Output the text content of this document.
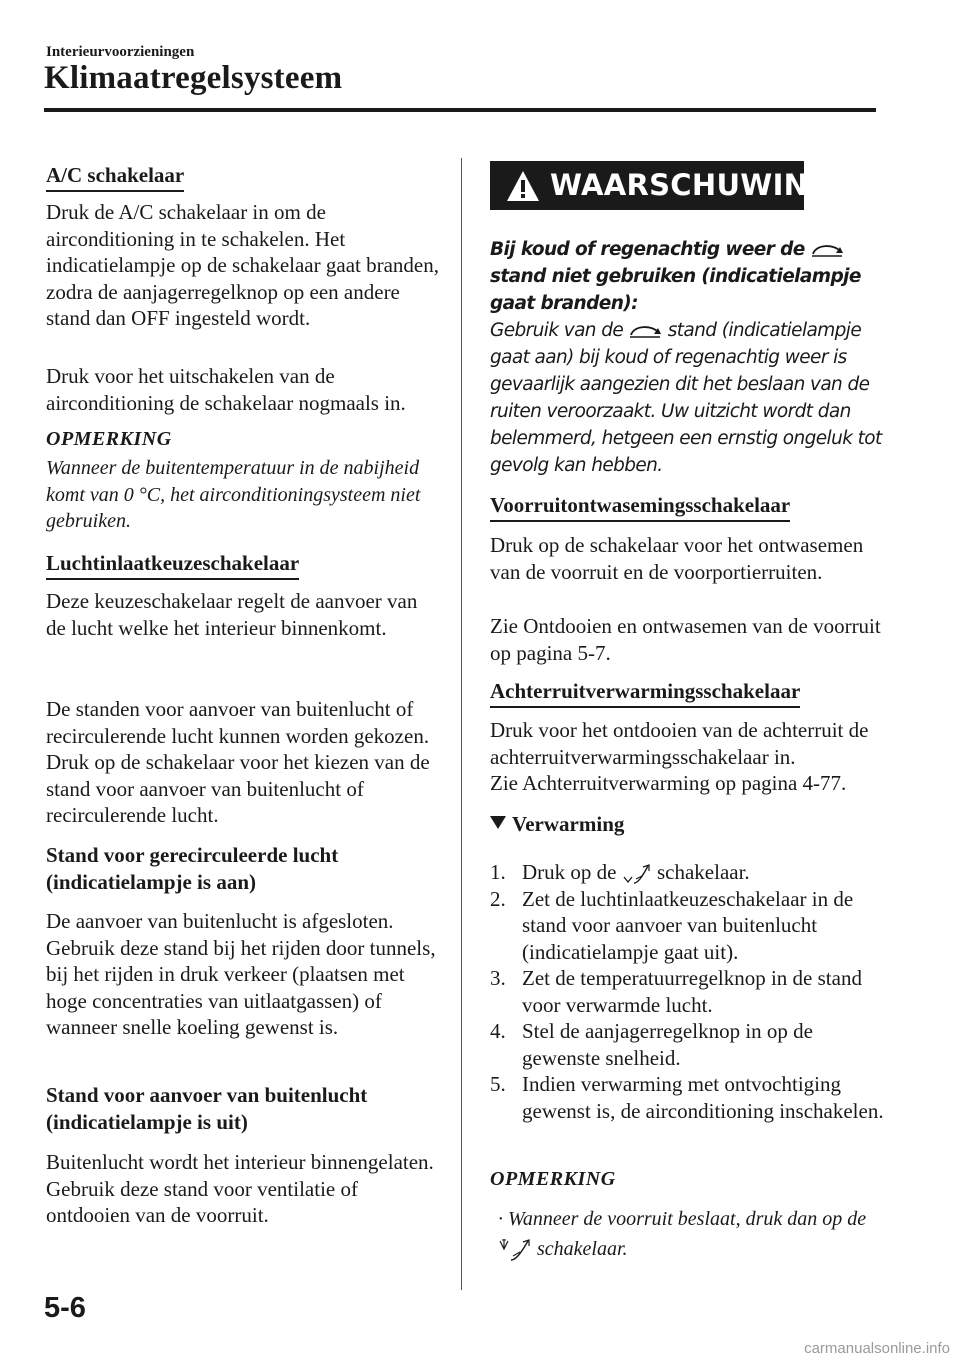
Interieurvoorzieningen
Klimaatregelsysteem
A/C schakelaar
Druk de A/C schakelaar in om de airconditioning in te schakelen. Het indicatielampje op de schakelaar gaat branden, zodra de aanjagerregelknop op een andere stand dan OFF ingesteld wordt.
Druk voor het uitschakelen van de airconditioning de schakelaar nogmaals in.
OPMERKING
Wanneer de buitentemperatuur in de nabijheid komt van 0 °C, het airconditioningsysteem niet gebruiken.
Luchtinlaatkeuzeschakelaar
Deze keuzeschakelaar regelt de aanvoer van de lucht welke het interieur binnenkomt.
De standen voor aanvoer van buitenlucht of recirculerende lucht kunnen worden gekozen. Druk op de schakelaar voor het kiezen van de stand voor aanvoer van buitenlucht of recirculerende lucht.
Stand voor gerecirculeerde lucht (indicatielampje is aan)
De aanvoer van buitenlucht is afgesloten. Gebruik deze stand bij het rijden door tunnels, bij het rijden in druk verkeer (plaatsen met hoge concentraties van uitlaatgassen) of wanneer snelle koeling gewenst is.
Stand voor aanvoer van buitenlucht (indicatielampje is uit)
Buitenlucht wordt het interieur binnengelaten. Gebruik deze stand voor ventilatie of ontdooien van de voorruit.
WAARSCHUWING
Bij koud of regenachtig weer de  stand niet gebruiken (indicatielampje gaat branden):
Gebruik van de stand (indicatielampje gaat aan) bij koud of regenachtig weer is gevaarlijk aangezien dit het beslaan van de ruiten veroorzaakt. Uw uitzicht wordt dan belemmerd, hetgeen een ernstig ongeluk tot gevolg kan hebben.
Voorruitontwasemingsschakelaar
Druk op de schakelaar voor het ontwasemen van de voorruit en de voorportierruiten.
Zie Ontdooien en ontwasemen van de voorruit op pagina 5-7.
Achterruitverwarmingsschakelaar
Druk voor het ontdooien van de achterruit de achterruitverwarmingsschakelaar in.
Zie Achterruitverwarming op pagina 4-77.
Verwarming
1. Druk op de schakelaar.
2. Zet de luchtinlaatkeuzeschakelaar in de stand voor aanvoer van buitenlucht (indicatielampje gaat uit).
3. Zet de temperatuurregelknop in de stand voor verwarmde lucht.
4. Stel de aanjagerregelknop in op de gewenste snelheid.
5. Indien verwarming met ontvochtiging gewenst is, de airconditioning inschakelen.
OPMERKING
· Wanneer de voorruit beslaat, druk dan op de  schakelaar.
5-6
carmanualsonline.info
